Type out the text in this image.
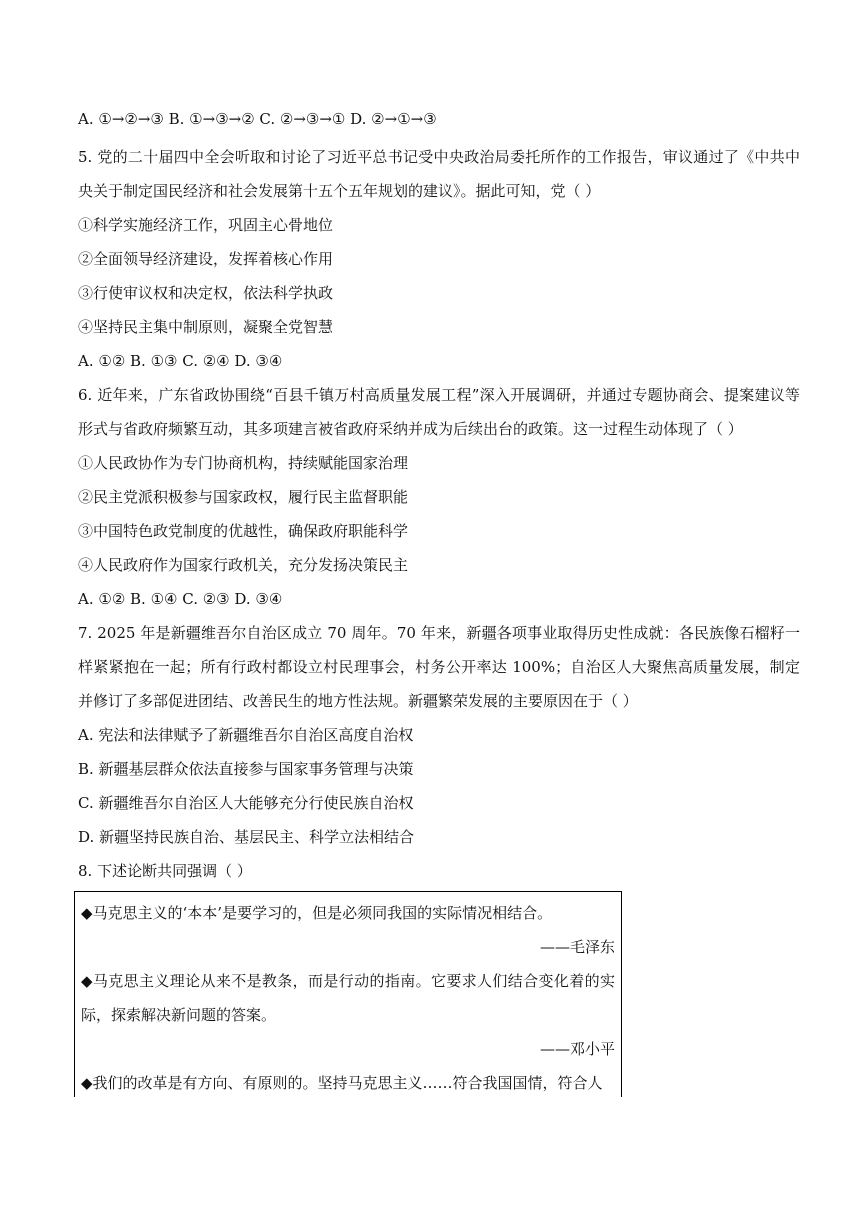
A. ①→②→③ B. ①→③→② C. ②→③→① D. ②→①→③
5. 党的二十届四中全会听取和讨论了习近平总书记受中央政治局委托所作的工作报告，审议通过了《中共中央关于制定国民经济和社会发展第十五个五年规划的建议》。据此可知，党（ ）
①科学实施经济工作，巩固主心骨地位
②全面领导经济建设，发挥着核心作用
③行使审议权和决定权，依法科学执政
④坚持民主集中制原则，凝聚全党智慧
A. ①② B. ①③ C. ②④ D. ③④
6. 近年来，广东省政协围绕“百县千镇万村高质量发展工程”深入开展调研，并通过专题协商会、提案建议等形式与省政府频繁互动，其多项建言被省政府采纳并成为后续出台的政策。这一过程生动体现了（ ）
①人民政协作为专门协商机构，持续赋能国家治理
②民主党派积极参与国家政权，履行民主监督职能
③中国特色政党制度的优越性，确保政府职能科学
④人民政府作为国家行政机关，充分发扬决策民主
A. ①② B. ①④ C. ②③ D. ③④
7. 2025 年是新疆维吾尔自治区成立 70 周年。70 年来，新疆各项事业取得历史性成就：各民族像石榴籽一样紧紧抱在一起；所有行政村都设立村民理事会，村务公开率达 100%；自治区人大聚焦高质量发展，制定并修订了多部促进团结、改善民生的地方性法规。新疆繁荣发展的主要原因在于（ ）
A. 宪法和法律赋予了新疆维吾尔自治区高度自治权
B. 新疆基层群众依法直接参与国家事务管理与决策
C. 新疆维吾尔自治区人大能够充分行使民族自治权
D. 新疆坚持民族自治、基层民主、科学立法相结合
8. 下述论断共同强调（ ）
◆马克思主义的‘本本’是要学习的，但是必须同我国的实际情况相结合。
——毛泽东
◆马克思主义理论从来不是教条，而是行动的指南。它要求人们结合变化着的实际，探索解决新问题的答案。
——邓小平
◆我们的改革是有方向、有原则的。坚持马克思主义……符合我国国情，符合人
